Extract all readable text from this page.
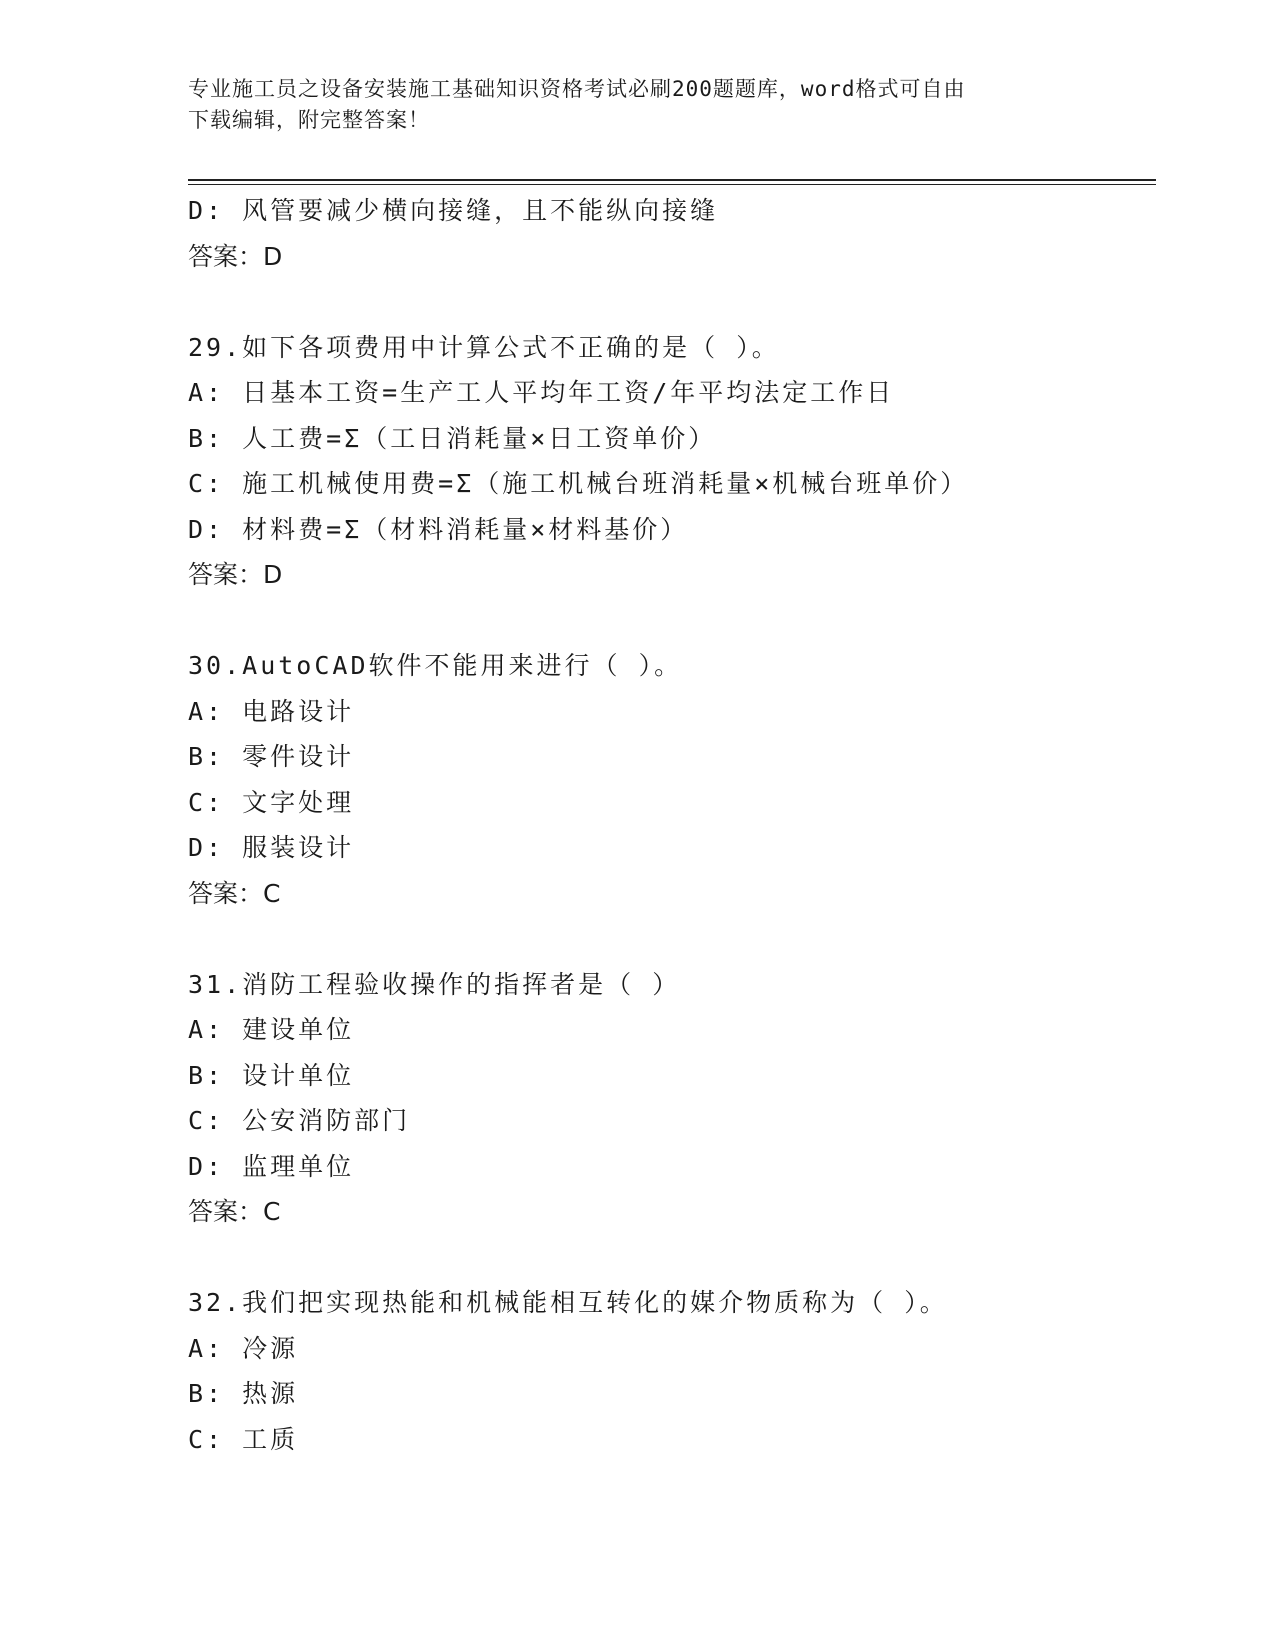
专业施工员之设备安装施工基础知识资格考试必刷200题题库，word格式可自由
下载编辑，附完整答案！
D: 风管要减少横向接缝，且不能纵向接缝
答案：D
29.如下各项费用中计算公式不正确的是（ ）。
A: 日基本工资=生产工人平均年工资/年平均法定工作日
B: 人工费=Σ（工日消耗量×日工资单价）
C: 施工机械使用费=Σ（施工机械台班消耗量×机械台班单价）
D: 材料费=Σ（材料消耗量×材料基价）
答案：D
30.AutoCAD软件不能用来进行（ ）。
A: 电路设计
B: 零件设计
C: 文字处理
D: 服装设计
答案：C
31.消防工程验收操作的指挥者是（ ）
A: 建设单位
B: 设计单位
C: 公安消防部门
D: 监理单位
答案：C
32.我们把实现热能和机械能相互转化的媒介物质称为（ ）。
A: 冷源
B: 热源
C: 工质
